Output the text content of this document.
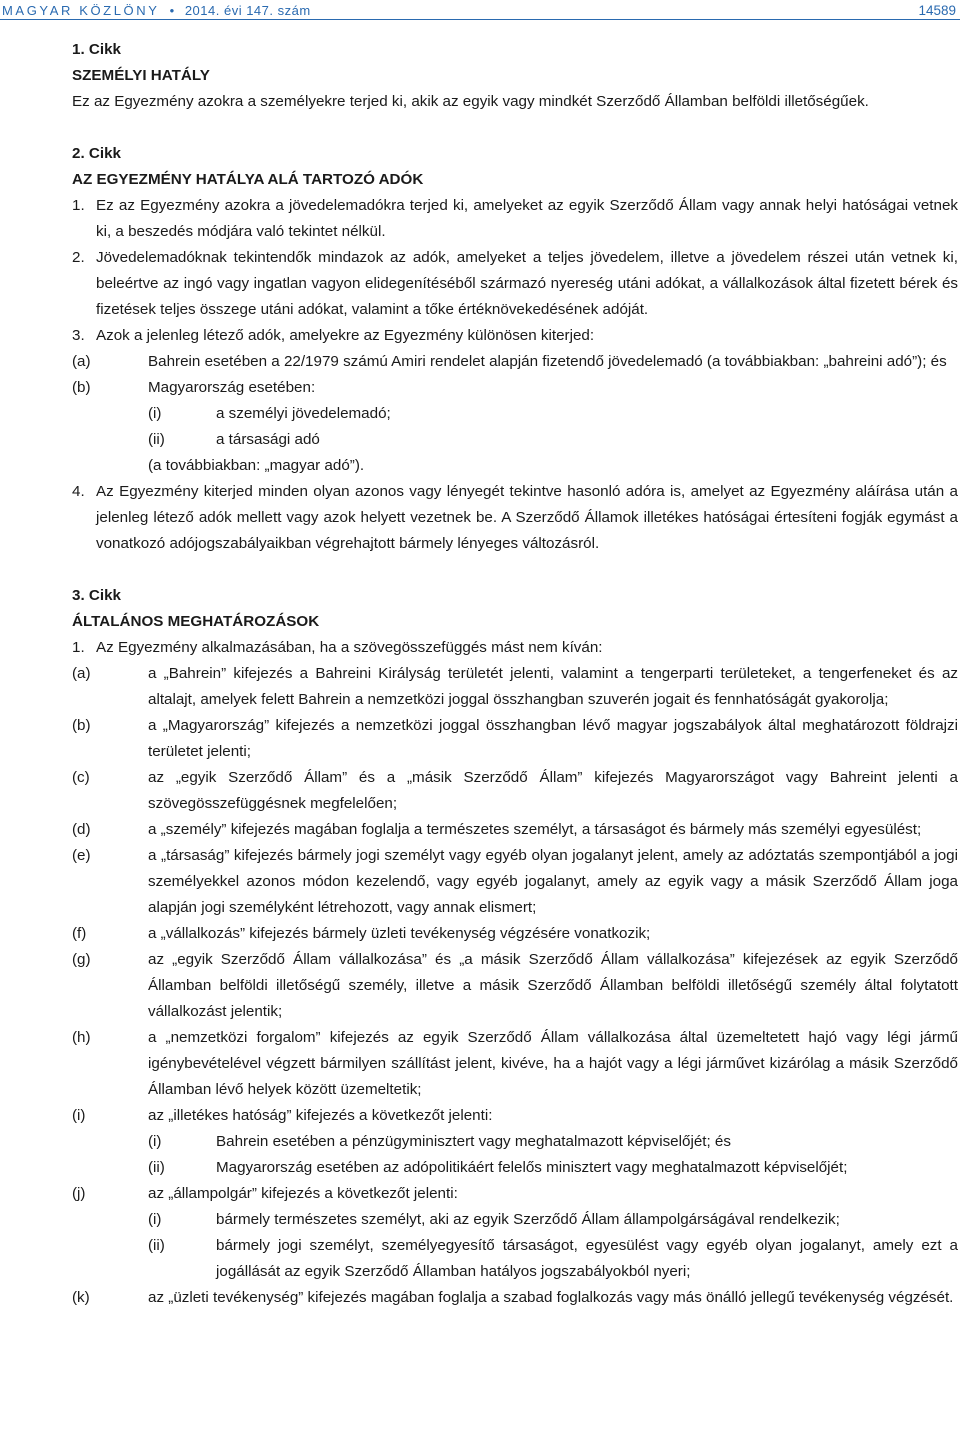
MAGYAR KÖZLÖNY • 2014. évi 147. szám	14589
1. Cikk
SZEMÉLYI HATÁLY

Ez az Egyezmény azokra a személyekre terjed ki, akik az egyik vagy mindkét Szerződő Államban belföldi illetőségűek.

2. Cikk
AZ EGYEZMÉNY HATÁLYA ALÁ TARTOZÓ ADÓK
1. Ez az Egyezmény azokra a jövedelemadókra terjed ki, amelyeket az egyik Szerződő Állam vagy annak helyi hatóságai vetnek ki, a beszedés módjára való tekintet nélkül.
2. Jövedelemadóknak tekintendők mindazok az adók, amelyeket a teljes jövedelem, illetve a jövedelem részei után vetnek ki, beleértve az ingó vagy ingatlan vagyon elidegenítéséből származó nyereség utáni adókat, a vállalkozások által fizetett bérek és fizetések teljes összege utáni adókat, valamint a tőke értéknövekedésének adóját.
3. Azok a jelenleg létező adók, amelyekre az Egyezmény különösen kiterjed:
(a)	Bahrein esetében a 22/1979 számú Amiri rendelet alapján fizetendő jövedelemadó (a továbbiakban: „bahreini adó”); és
(b)	Magyarország esetében:
(i)	a személyi jövedelemadó;
(ii)	a társasági adó
(a továbbiakban: „magyar adó”).
4. Az Egyezmény kiterjed minden olyan azonos vagy lényegét tekintve hasonló adóra is, amelyet az Egyezmény aláírása után a jelenleg létező adók mellett vagy azok helyett vezetnek be. A Szerződő Államok illetékes hatóságai értesíteni fogják egymást a vonatkozó adójogszabályaikban végrehajtott bármely lényeges változásról.
3. Cikk
ÁLTALÁNOS MEGHATÁROZÁSOK
1. Az Egyezmény alkalmazásában, ha a szövegösszefüggés mást nem kíván:
(a)	a „Bahrein” kifejezés a Bahreini Királyság területét jelenti, valamint a tengerparti területeket, a tengerfeneket és az altalajt, amelyek felett Bahrein a nemzetközi joggal összhangban szuverén jogait és fennhatóságát gyakorolja;
(b)	a „Magyarország” kifejezés a nemzetközi joggal összhangban lévő magyar jogszabályok által meghatározott földrajzi területet jelenti;
(c)	az „egyik Szerződő Állam” és a „másik Szerződő Állam” kifejezés Magyarországot vagy Bahreint jelenti a szövegösszefüggésnek megfelelően;
(d)	a „személy” kifejezés magában foglalja a természetes személyt, a társaságot és bármely más személyi egyesülést;
(e)	a „társaság” kifejezés bármely jogi személyt vagy egyéb olyan jogalanyt jelent, amely az adóztatás szempontjából a jogi személyekkel azonos módon kezelendő, vagy egyéb jogalanyt, amely az egyik vagy a másik Szerződő Állam joga alapján jogi személyként létrehozott, vagy annak elismert;
(f)	a „vállalkozás” kifejezés bármely üzleti tevékenység végzésére vonatkozik;
(g)	az „egyik Szerződő Állam vállalkozása” és „a másik Szerződő Állam vállalkozása” kifejezések az egyik Szerződő Államban belföldi illetőségű személy, illetve a másik Szerződő Államban belföldi illetőségű személy által folytatott vállalkozást jelentik;
(h)	a „nemzetközi forgalom” kifejezés az egyik Szerződő Állam vállalkozása által üzemeltetett hajó vagy légi jármű igénybevételével végzett bármilyen szállítást jelent, kivéve, ha a hajót vagy a légi járművet kizárólag a másik Szerződő Államban lévő helyek között üzemeltetik;
(i)	az „illetékes hatóság” kifejezés a következőt jelenti:
(i)	Bahrein esetében a pénzügyminisztert vagy meghatalmazott képviselőjét; és
(ii)	Magyarország esetében az adópolitikáért felelős minisztert vagy meghatalmazott képviselőjét;
(j)	az „állampolgár” kifejezés a következőt jelenti:
(i)	bármely természetes személyt, aki az egyik Szerződő Állam állampolgárságával rendelkezik;
(ii)	bármely jogi személyt, személyegyesítő társaságot, egyesülést vagy egyéb olyan jogalanyt, amely ezt a jogállását az egyik Szerződő Államban hatályos jogszabályokból nyeri;
(k)	az „üzleti tevékenység” kifejezés magában foglalja a szabad foglalkozás vagy más önálló jellegű tevékenység végzését.
